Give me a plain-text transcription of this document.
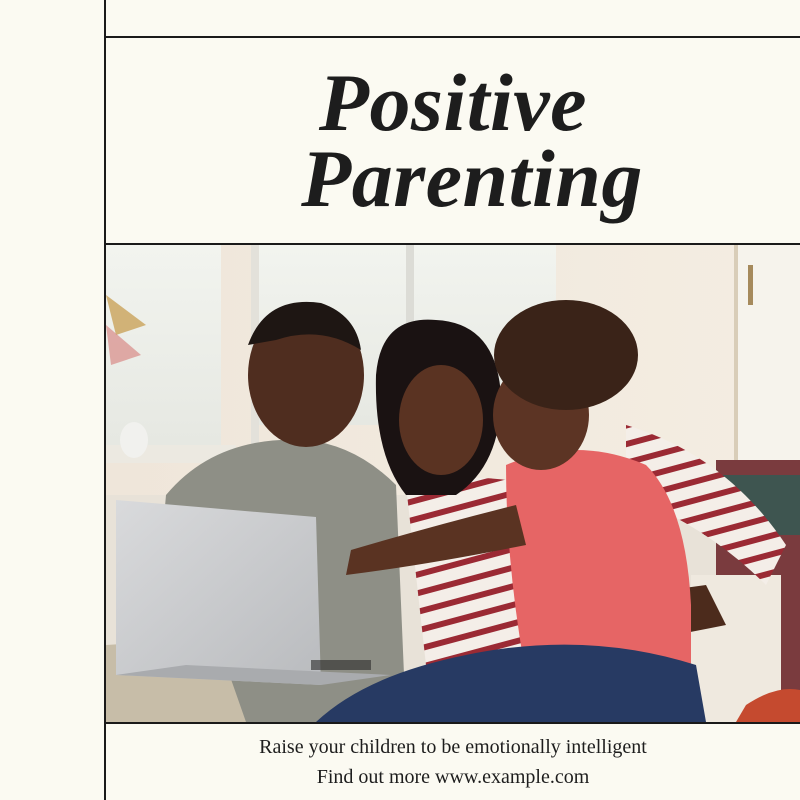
Positive
Parenting
Raise your children to be emotionally intelligent
Find out more www.example.com
